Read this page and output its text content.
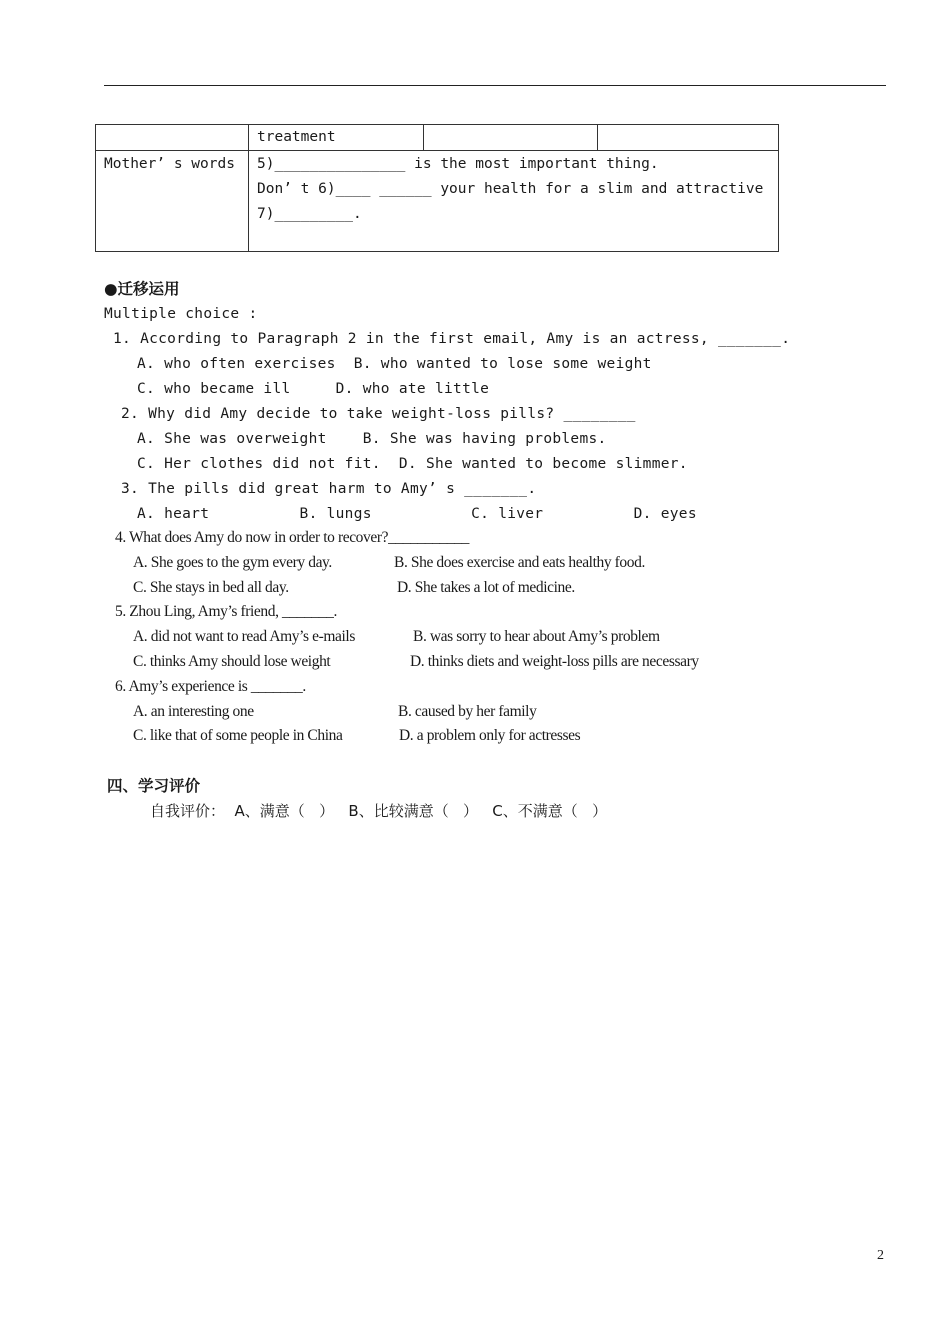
	treatment		
Mother’ s words	5)_______________ is the most important thing.
Don’ t 6)____ ______ your health for a slim and attractive
7)_________.		
●迁移运用
Multiple choice :
1. According to Paragraph 2 in the first email, Amy is an actress, _______.
A. who often exercises  B. who wanted to lose some weight
C. who became ill     D. who ate little
2. Why did Amy decide to take weight-loss pills? ________
A. She was overweight    B. She was having problems.
C. Her clothes did not fit.  D. She wanted to become slimmer.
3. The pills did great harm to Amy’ s _______.
A. heart          B. lungs           C. liver          D. eyes
4. What does Amy do now in order to recover?___________
A. She goes to the gym every day.	B. She does exercise and eats healthy food.
C. She stays in bed all day.	D. She takes a lot of medicine.
5. Zhou Ling, Amy’s friend, _______.
A. did not want to read Amy’s e-mails	B. was sorry to hear about Amy’s problem
C. thinks Amy should lose weight	D. thinks diets and weight-loss pills are necessary
6. Amy’s experience is _______.
A. an interesting one	B. caused by her family
C. like that of some people in China	D. a problem only for actresses
四、学习评价
自我评价：  A、满意（   ）   B、比较满意（   ）   C、不满意（   ）
2
